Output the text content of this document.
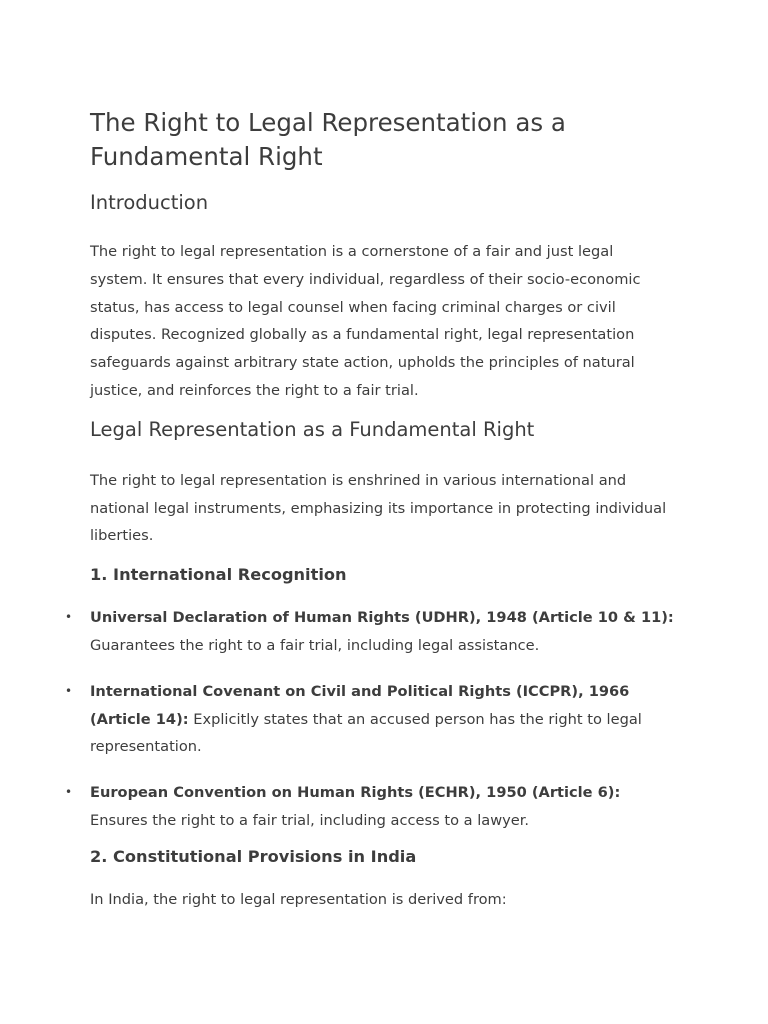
The Right to Legal Representation as a Fundamental Right
Introduction

The right to legal representation is a cornerstone of a fair and just legal system. It ensures that every individual, regardless of their socio-economic status, has access to legal counsel when facing criminal charges or civil disputes. Recognized globally as a fundamental right, legal representation safeguards against arbitrary state action, upholds the principles of natural justice, and reinforces the right to a fair trial.

Legal Representation as a Fundamental Right

The right to legal representation is enshrined in various international and national legal instruments, emphasizing its importance in protecting individual liberties.

1. International Recognition
• Universal Declaration of Human Rights (UDHR), 1948 (Article 10 & 11): Guarantees the right to a fair trial, including legal assistance.
• International Covenant on Civil and Political Rights (ICCPR), 1966 (Article 14): Explicitly states that an accused person has the right to legal representation.
• European Convention on Human Rights (ECHR), 1950 (Article 6): Ensures the right to a fair trial, including access to a lawyer.
2. Constitutional Provisions in India

In India, the right to legal representation is derived from:
